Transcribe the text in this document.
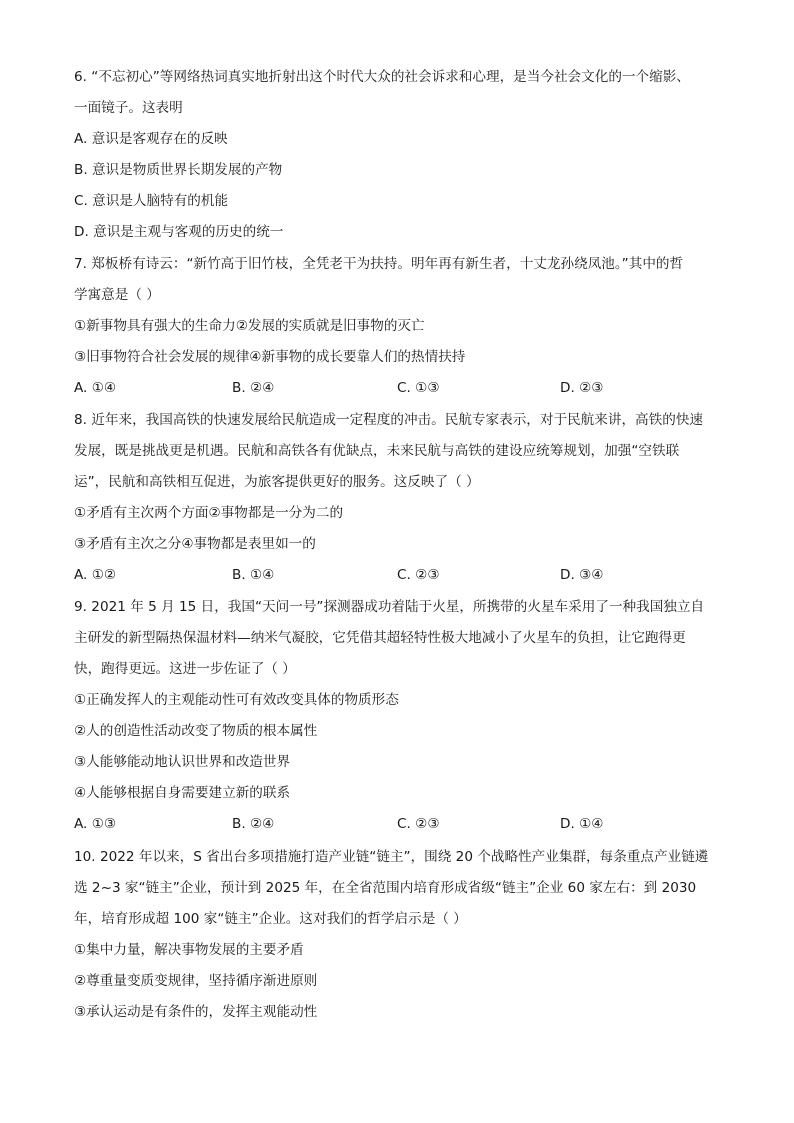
6. “不忘初心”等网络热词真实地折射出这个时代大众的社会诉求和心理，是当今社会文化的一个缩影、
一面镜子。这表明
A. 意识是客观存在的反映
B. 意识是物质世界长期发展的产物
C. 意识是人脑特有的机能
D. 意识是主观与客观的历史的统一
7. 郑板桥有诗云：“新竹高于旧竹枝，全凭老干为扶持。明年再有新生者，十丈龙孙绕凤池。”其中的哲
学寓意是（ ）
①新事物具有强大的生命力②发展的实质就是旧事物的灭亡
③旧事物符合社会发展的规律④新事物的成长要靠人们的热情扶持
A. ①④	B. ②④	C. ①③	D. ②③
8. 近年来，我国高铁的快速发展给民航造成一定程度的冲击。民航专家表示，对于民航来讲，高铁的快速
发展，既是挑战更是机遇。民航和高铁各有优缺点，未来民航与高铁的建设应统筹规划，加强“空铁联
运”，民航和高铁相互促进，为旅客提供更好的服务。这反映了（ ）
①矛盾有主次两个方面②事物都是一分为二的
③矛盾有主次之分④事物都是表里如一的
A. ①②	B. ①④	C. ②③	D. ③④
9. 2021 年 5 月 15 日，我国“天问一号”探测器成功着陆于火星，所携带的火星车采用了一种我国独立自
主研发的新型隔热保温材料—纳米气凝胶，它凭借其超轻特性极大地减小了火星车的负担，让它跑得更
快，跑得更远。这进一步佐证了（ ）
①正确发挥人的主观能动性可有效改变具体的物质形态
②人的创造性活动改变了物质的根本属性
③人能够能动地认识世界和改造世界
④人能够根据自身需要建立新的联系
A. ①③	B. ②④	C. ②③	D. ①④
10. 2022 年以来，S 省出台多项措施打造产业链“链主”，围绕 20 个战略性产业集群，每条重点产业链遴
选 2~3 家“链主”企业，预计到 2025 年，在全省范围内培育形成省级“链主”企业 60 家左右：到 2030
年，培育形成超 100 家“链主”企业。这对我们的哲学启示是（ ）
①集中力量，解决事物发展的主要矛盾
②尊重量变质变规律，坚持循序渐进原则
③承认运动是有条件的，发挥主观能动性
